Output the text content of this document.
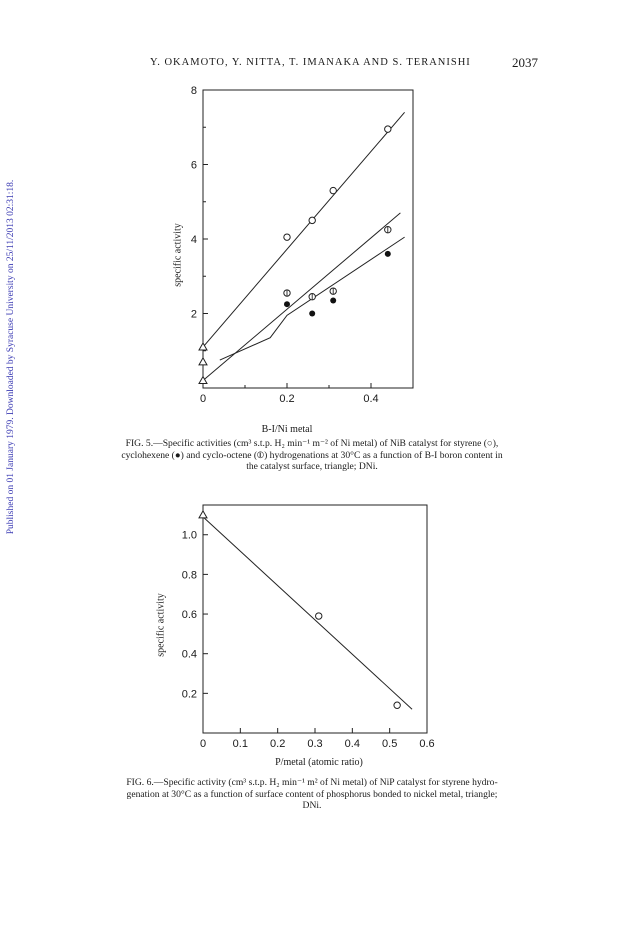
Y. OKAMOTO, Y. NITTA, T. IMANAKA AND S. TERANISHI	2037
Published on 01 January 1979. Downloaded by Syracuse University on 25/11/2013 02:31:18.	0	0.2	0.4
2
4
6
8
0 0.1 0.2 0.3 0.4 0.5 0.6
0.2
0.4
0.6
0.8
1.0
specific activity
B-I/Ni metal
FIG. 5.—Specific activities (cm³ s.t.p. H₂ min⁻¹ m⁻² of Ni metal) of NiB catalyst for styrene (○),
cyclohexene (●) and cyclo-octene (⦶) hydrogenations at 30°C as a function of B-I boron content in
the catalyst surface, triangle; DNi.
specific activity
P/metal (atomic ratio)
FIG. 6.—Specific activity (cm³ s.t.p. H₂ min⁻¹ m² of Ni metal) of NiP catalyst for styrene hydro-
genation at 30°C as a function of surface content of phosphorus bonded to nickel metal, triangle;
DNi.
